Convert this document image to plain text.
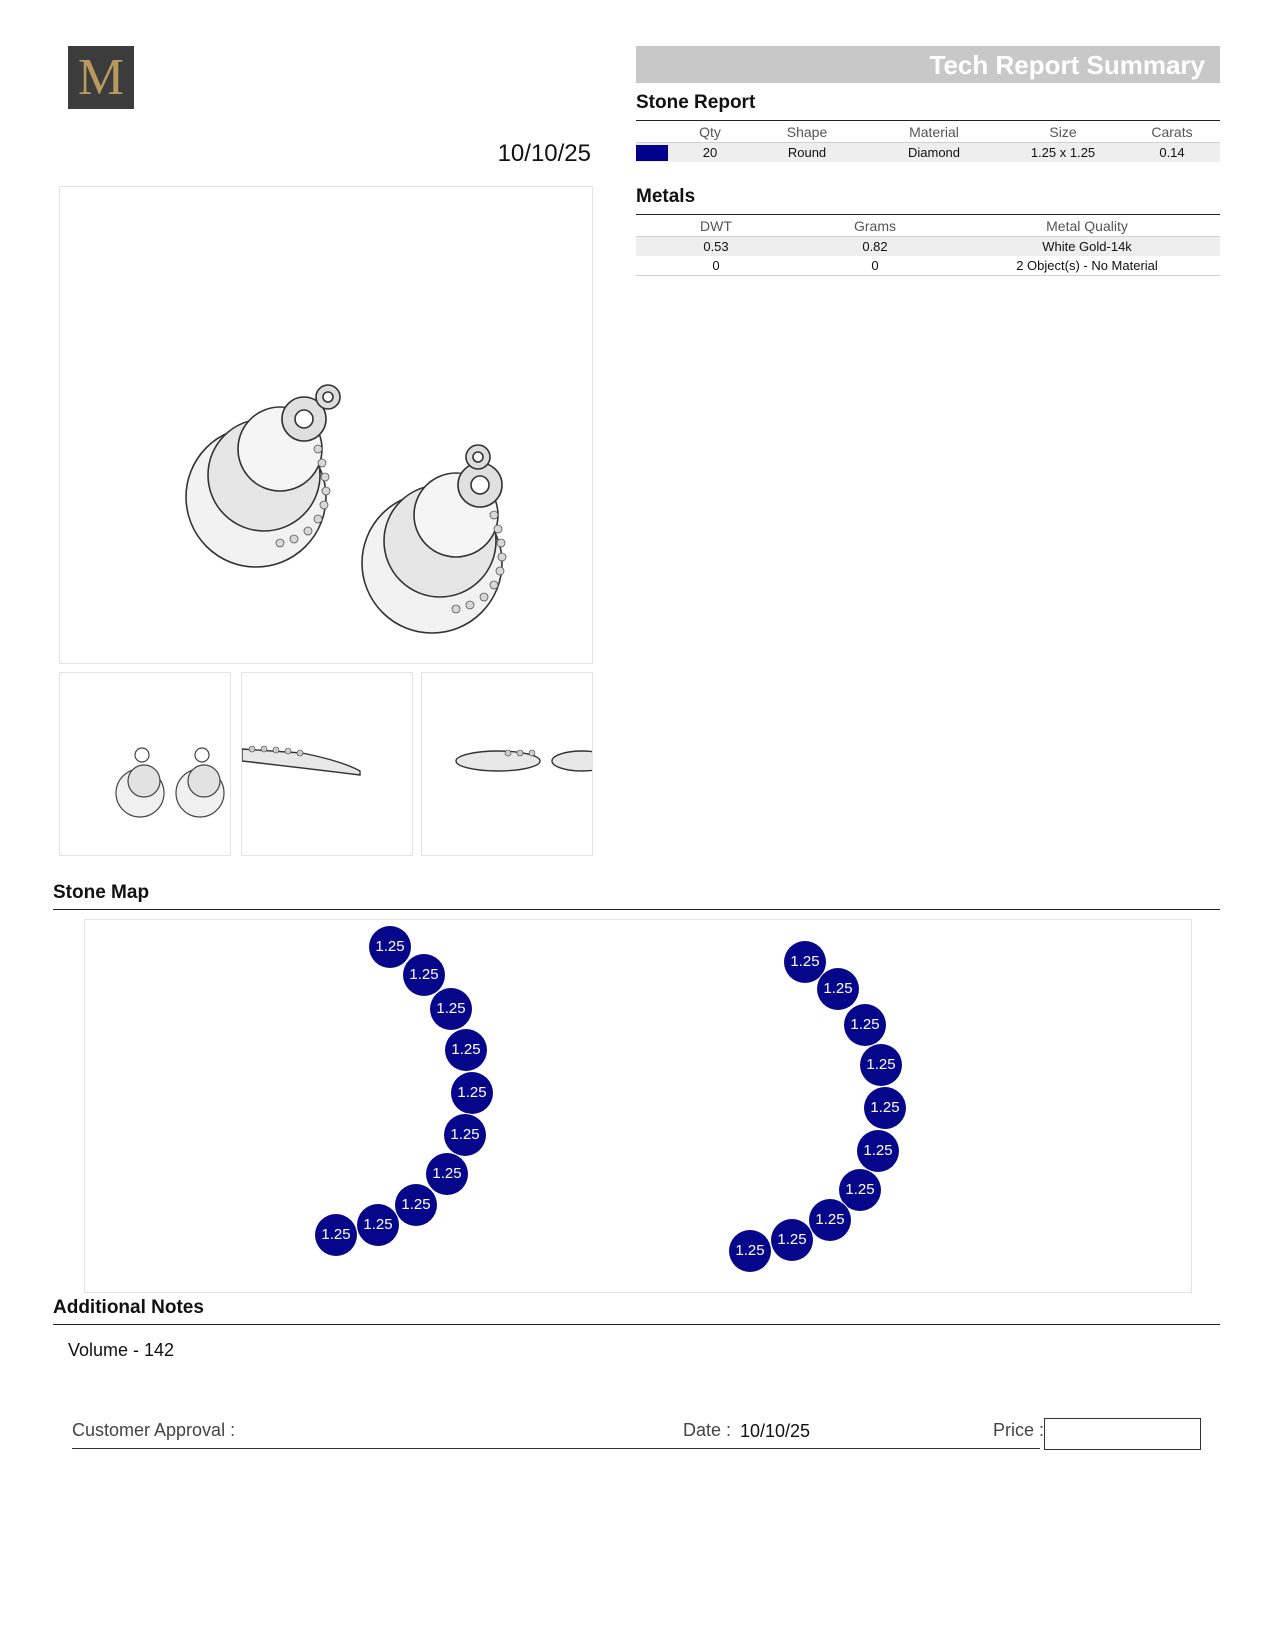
M
10/10/25
Tech Report Summary
Stone Report
	Qty	Shape	Material	Size	Carats
	20	Round	Diamond	1.25 x 1.25	0.14
Metals
DWT	Grams	Metal Quality
0.53	0.82	White Gold-14k
0	0	2 Object(s) - No Material
Stone Map
1.25
1.25
1.25
1.25
1.25
1.25
1.25
1.25
1.25
1.25
1.25
1.25
1.25
1.25
1.25
1.25
1.25
1.25
1.25
1.25
Additional Notes
Volume - 142
Customer Approval :	Date : 10/10/25	Price :
